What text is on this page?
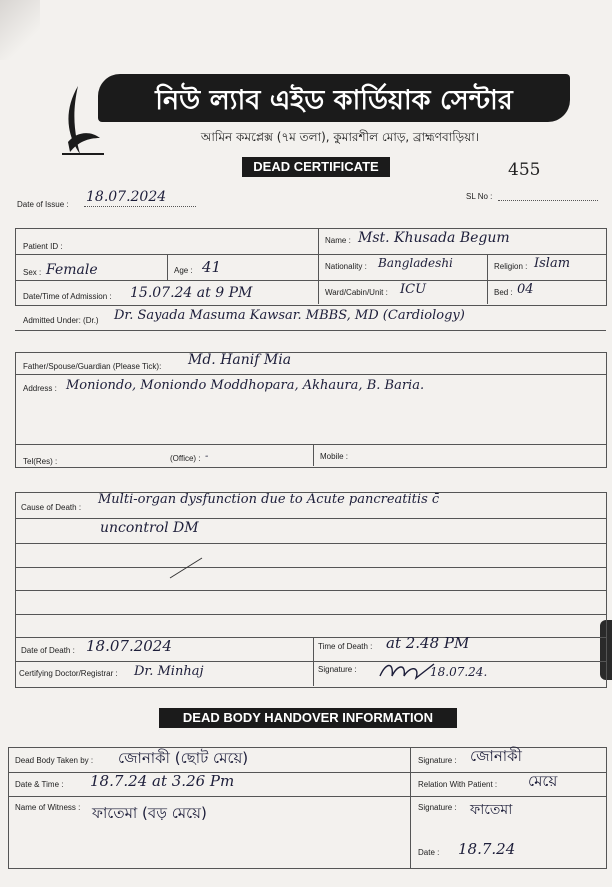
নিউ ল্যাব এইড কার্ডিয়াক সেন্টার
আমিন কমপ্লেক্স (৭ম তলা), কুমারশীল মোড়, ব্রাহ্মণবাড়িয়া।
DEAD CERTIFICATE	455
Date of Issue : 18.07.2024	SL No :
Patient ID :
Name : Mst. Khusada Begum
Sex : Female	Age : 41	Nationality : Bangladeshi	Religion : Islam
Date/Time of Admission : 15.07.24 at 9 PM	Ward/Cabin/Unit : ICU	Bed : 04
Admitted Under: (Dr.) Dr. Sayada Masuma Kawsar. MBBS, MD (Cardiology)
Father/Spouse/Guardian (Please Tick): Md. Hanif Mia
Address : Moniondo, Moniondo Moddhopara, Akhaura, B. Baria.
Tel(Res) :	(Office) : -	Mobile :
Cause of Death :
Multi-organ dysfunction due to Acute pancreatitis c̄
uncontrol DM
Date of Death : 18.07.2024	Time of Death : at 2.48 PM
Certifying Doctor/Registrar : Dr. Minhaj	Signature :	18.07.24.
DEAD BODY HANDOVER INFORMATION
Dead Body Taken by : জোনাকী (ছোট মেয়ে)	Signature : জোনাকী
Date & Time : 18.7.24 at 3.26 Pm	Relation With Patient : মেয়ে
Name of Witness : ফাতেমা (বড় মেয়ে)	Signature : ফাতেমা
Date : 18.7.24
